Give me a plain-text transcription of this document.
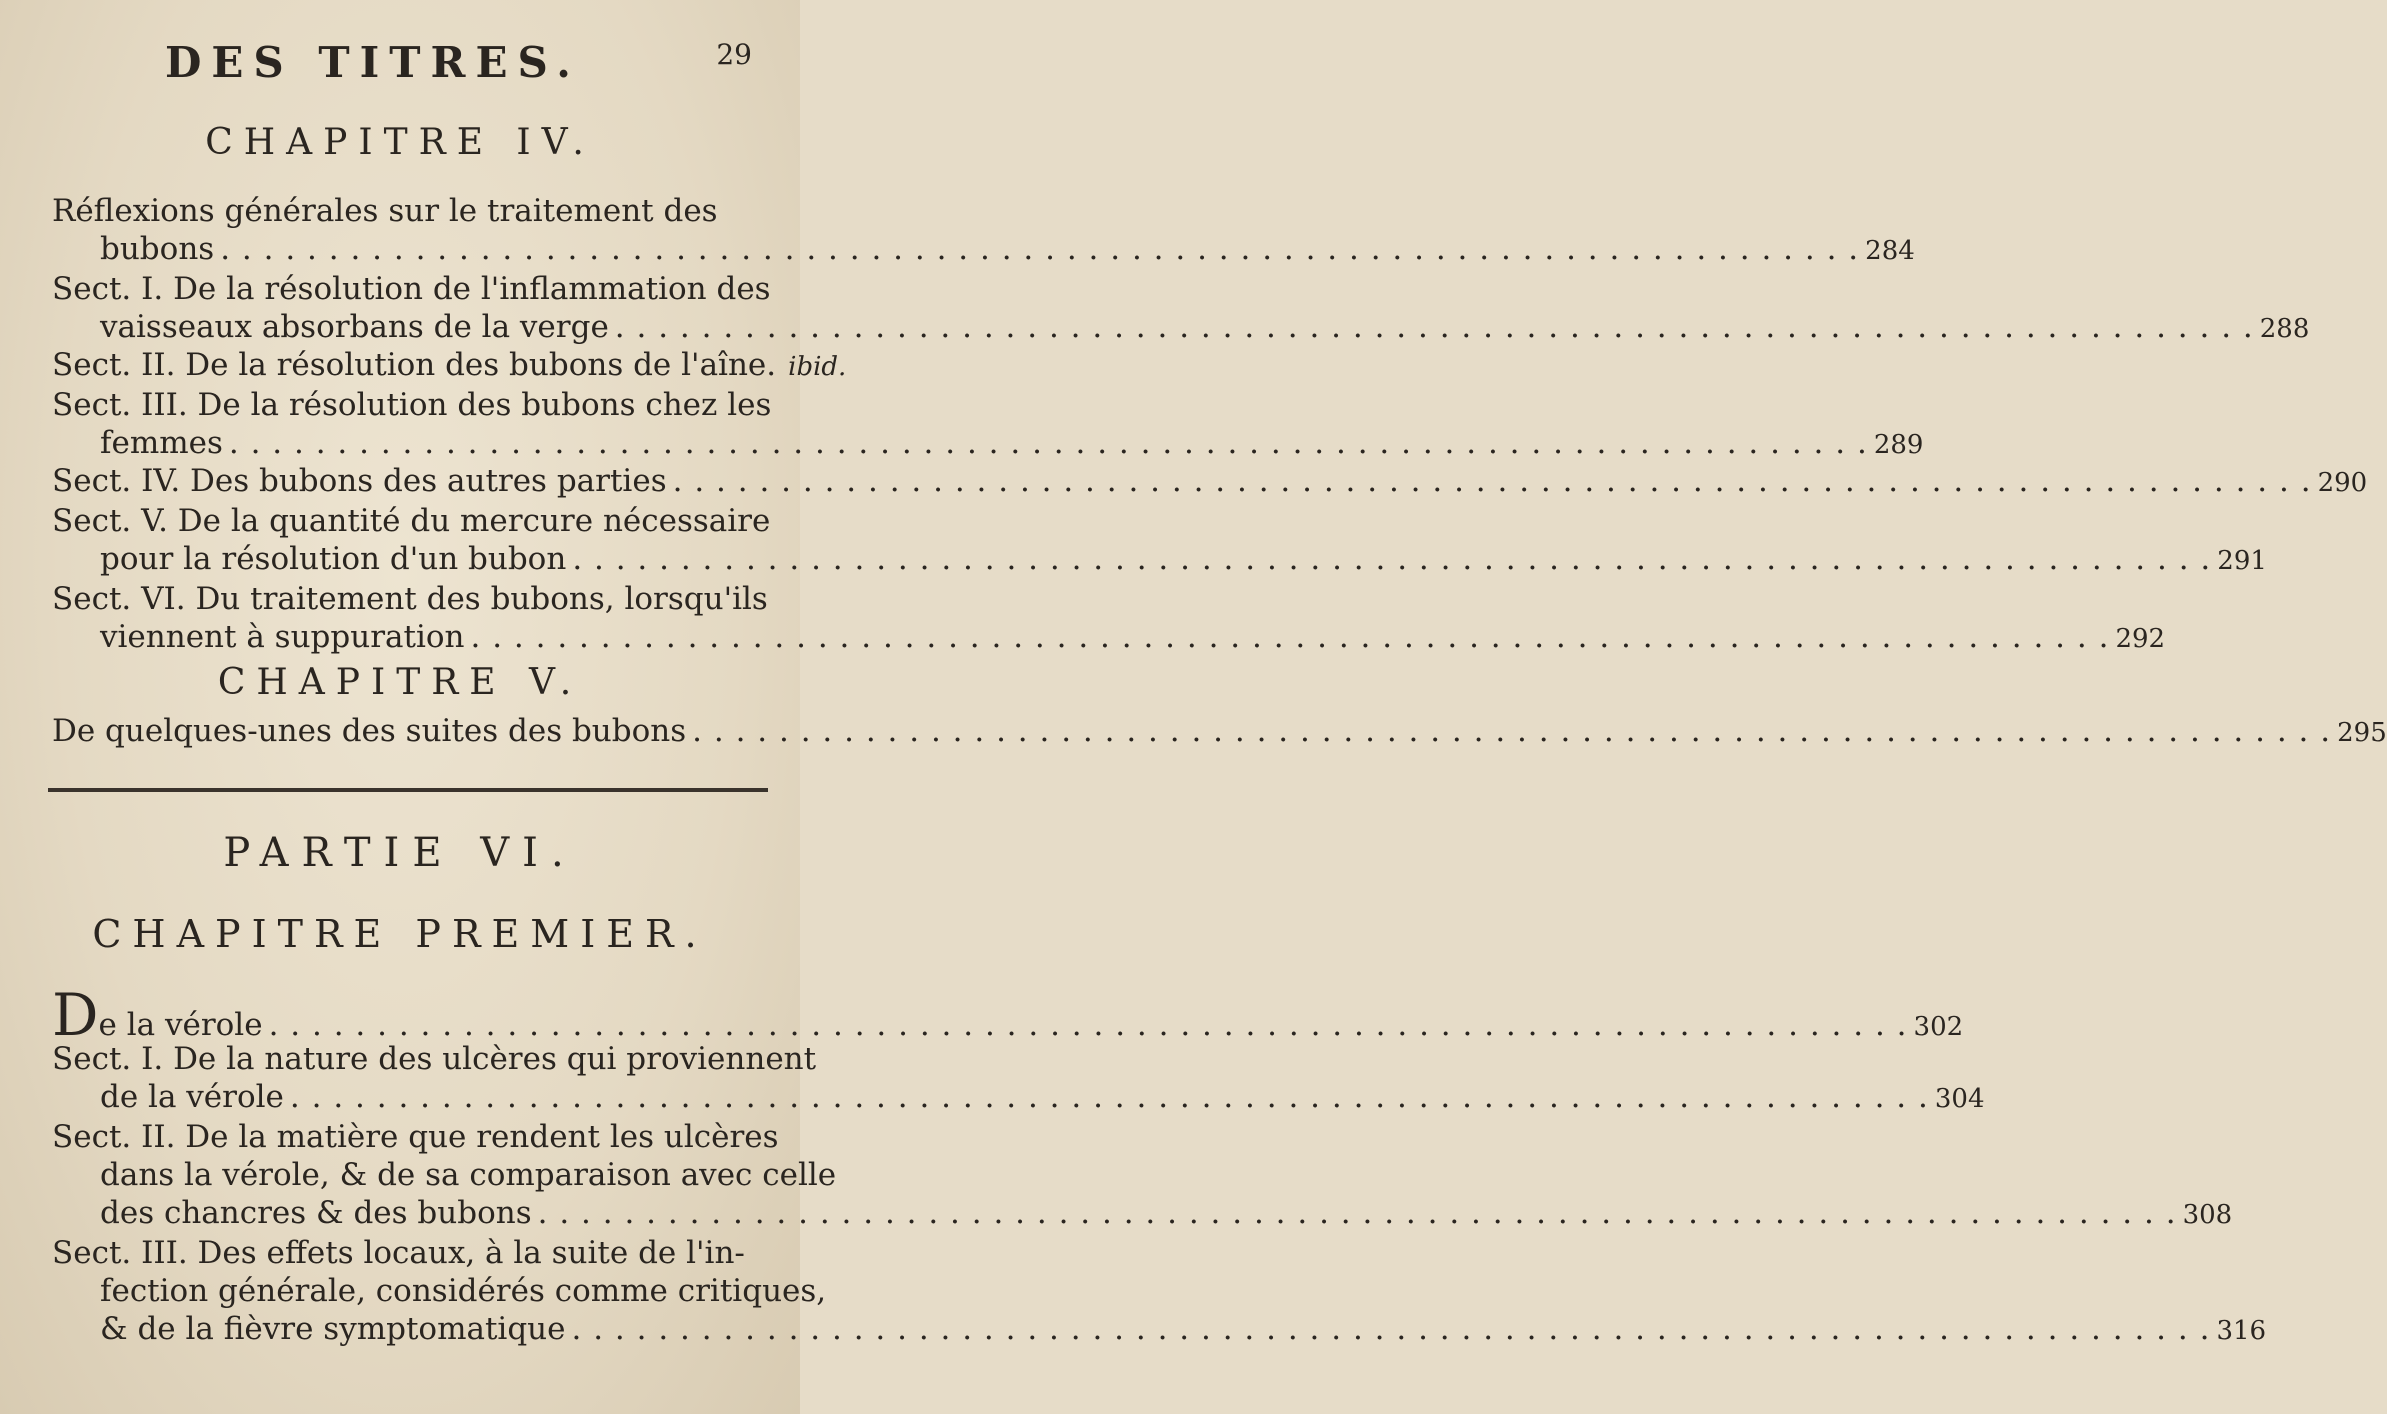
DES TITRES.	29
CHAPITRE IV.
Réflexions générales sur le traitement des
bubons . . .	284
Sect. I. De la résolution de l'inflammation des
vaisseaux absorbans de la verge . . .	288
Sect. II. De la résolution des bubons de l'aîne. ibid.
Sect. III. De la résolution des bubons chez les
femmes . . .	289
Sect. IV. Des bubons des autres parties . . .	290
Sect. V. De la quantité du mercure nécessaire
pour la résolution d'un bubon . . .	291
Sect. VI. Du traitement des bubons, lorsqu'ils
viennent à suppuration . . .	292
CHAPITRE V.
De quelques-unes des suites des bubons . . .	295
PARTIE VI.
CHAPITRE PREMIER.
D e la vérole . . .	302
Sect. I. De la nature des ulcères qui proviennent
de la vérole . . .	304
Sect. II. De la matière que rendent les ulcères
dans la vérole, & de sa comparaison avec celle
des chancres & des bubons . . .	308
Sect. III. Des effets locaux, à la suite de l'in-
fection générale, considérés comme critiques,
& de la fièvre symptomatique . . .	316
